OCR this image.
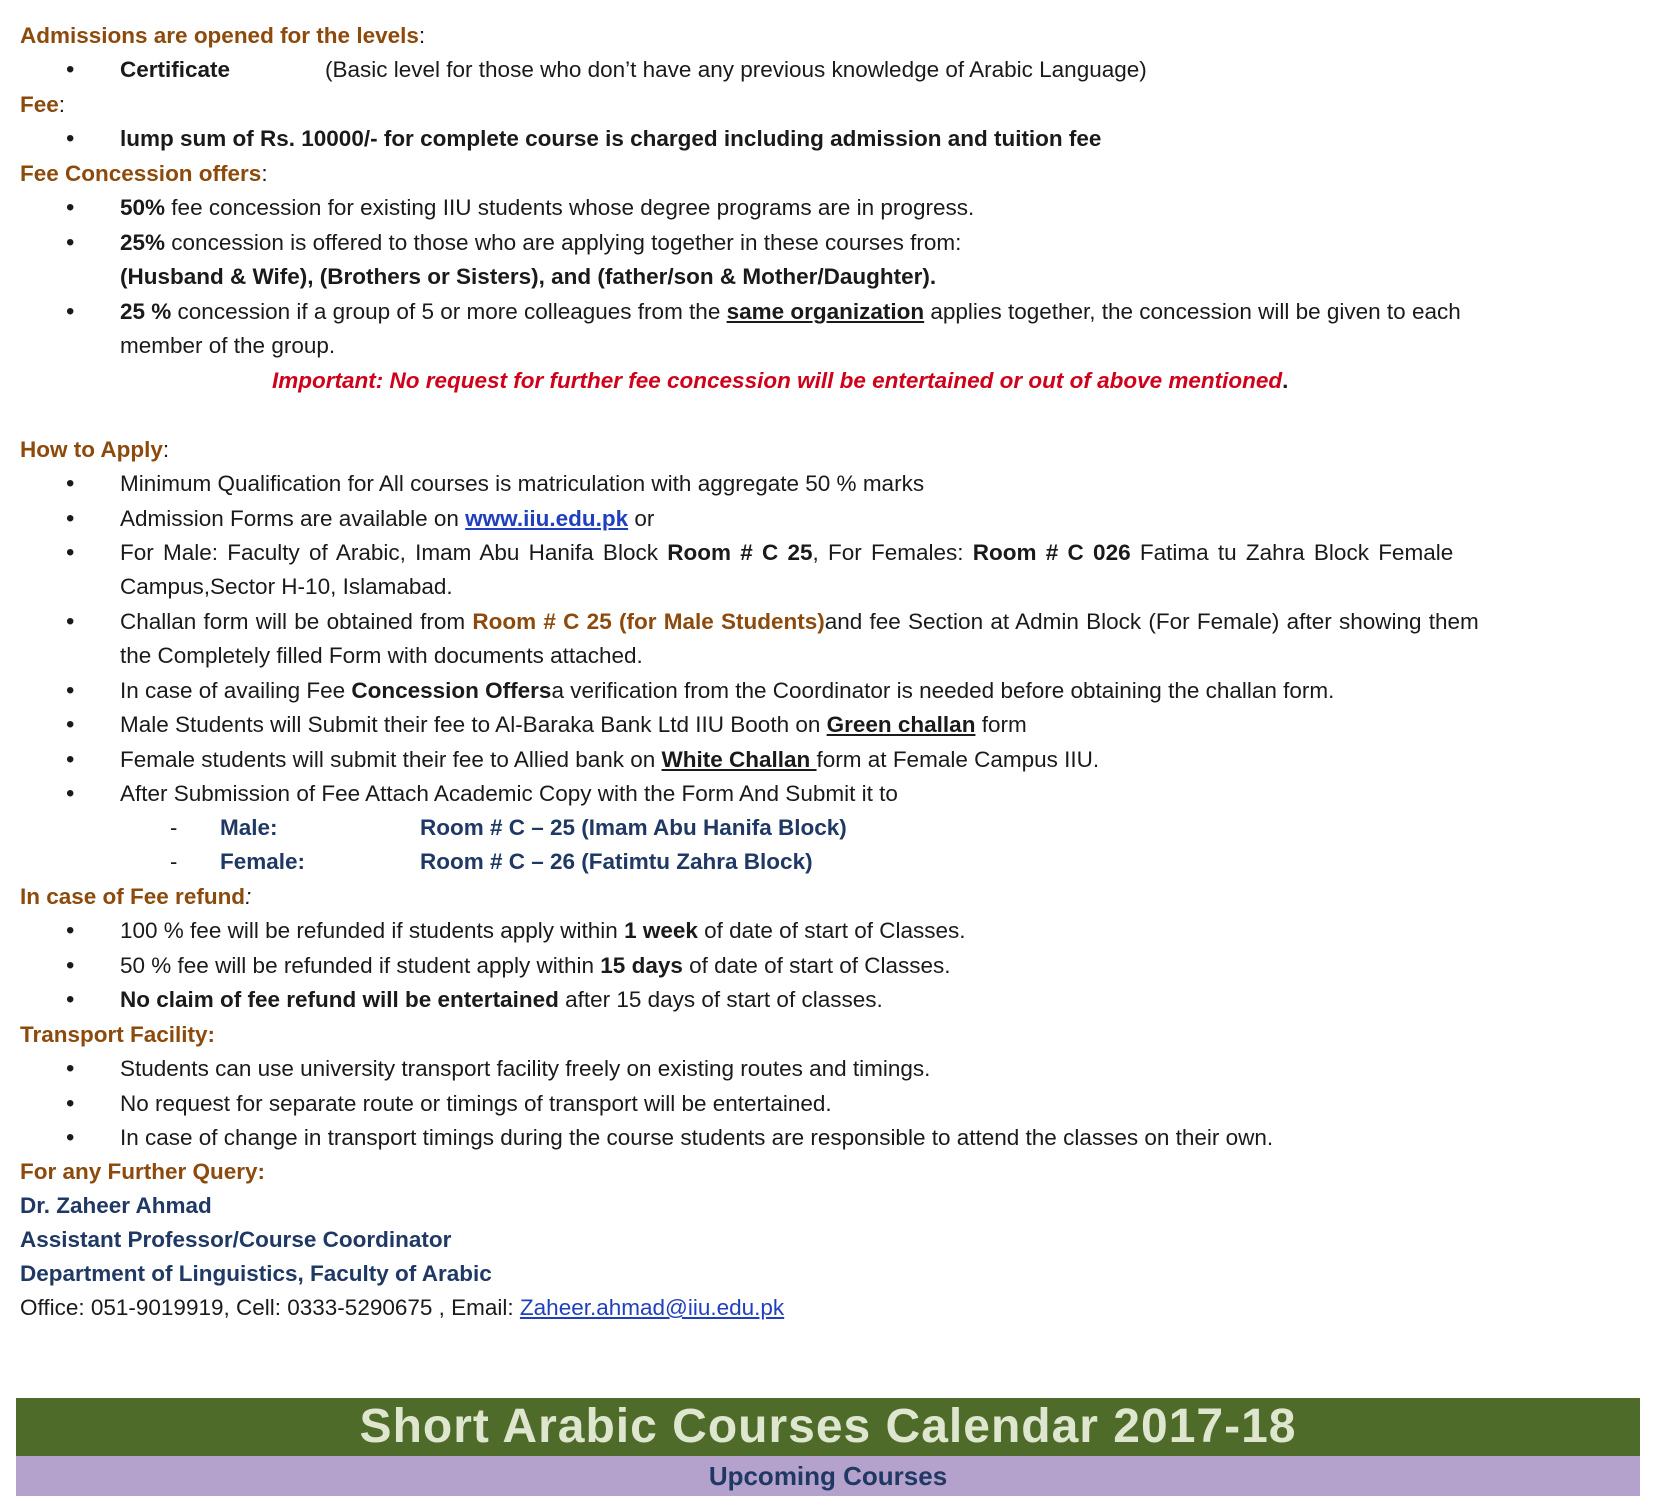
Admissions are opened for the levels:
• Certificate	(Basic level for those who don’t have any previous knowledge of Arabic Language)
Fee:
• lump sum of Rs. 10000/- for complete course is charged including admission and tuition fee
Fee Concession offers:
• 50% fee concession for existing IIU students whose degree programs are in progress.
• 25% concession is offered to those who are applying together in these courses from:
(Husband & Wife), (Brothers or Sisters), and (father/son & Mother/Daughter).
• 25 % concession if a group of 5 or more colleagues from the same organization applies together, the concession will be given to each
member of the group.
Important: No request for further fee concession will be entertained or out of above mentioned.
How to Apply:
• Minimum Qualification for All courses is matriculation with aggregate 50 % marks
• Admission Forms are available on www.iiu.edu.pk or
• For Male: Faculty of Arabic, Imam Abu Hanifa Block Room # C 25, For Females: Room # C 026 Fatima tu Zahra Block Female
Campus,Sector H-10, Islamabad.
• Challan form will be obtained from Room # C 25 (for Male Students)and fee Section at Admin Block (For Female) after showing them
the Completely filled Form with documents attached.
• In case of availing Fee Concession Offersa verification from the Coordinator is needed before obtaining the challan form.
• Male Students will Submit their fee to Al-Baraka Bank Ltd IIU Booth on Green challan form
• Female students will submit their fee to Allied bank on White Challan form at Female Campus IIU.
• After Submission of Fee Attach Academic Copy with the Form And Submit it to
- Male:	Room # C – 25 (Imam Abu Hanifa Block)
- Female:	Room # C – 26 (Fatimtu Zahra Block)
In case of Fee refund:
• 100 % fee will be refunded if students apply within 1 week of date of start of Classes.
• 50 % fee will be refunded if student apply within 15 days of date of start of Classes.
• No claim of fee refund will be entertained after 15 days of start of classes.
Transport Facility:
• Students can use university transport facility freely on existing routes and timings.
• No request for separate route or timings of transport will be entertained.
• In case of change in transport timings during the course students are responsible to attend the classes on their own.
For any Further Query:
Dr. Zaheer Ahmad
Assistant Professor/Course Coordinator
Department of Linguistics, Faculty of Arabic
Office: 051-9019919, Cell: 0333-5290675 , Email: Zaheer.ahmad@iiu.edu.pk
Short Arabic Courses Calendar 2017-18
Upcoming Courses
